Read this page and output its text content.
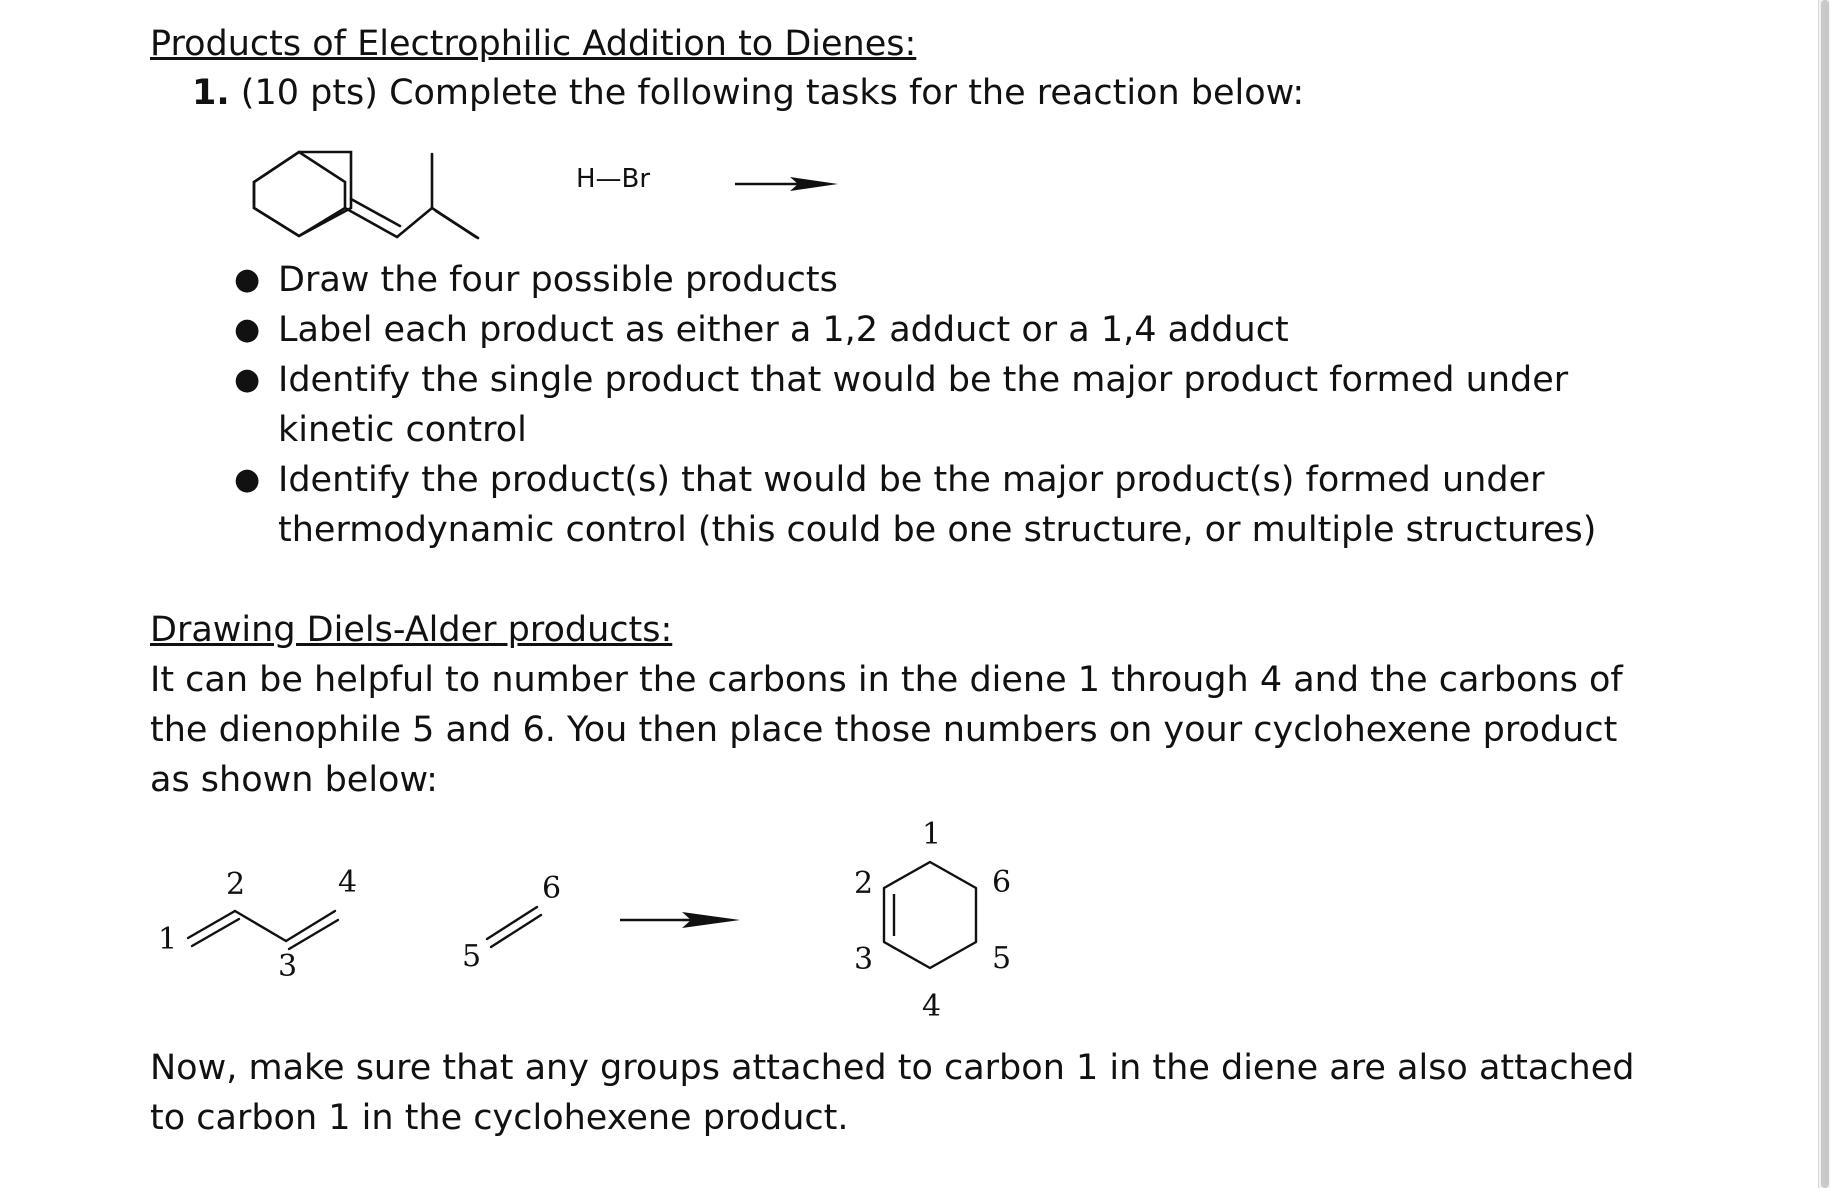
Products of Electrophilic Addition to Dienes:
1. (10 pts) Complete the following tasks for the reaction below:
H—Br
● Draw the four possible products
● Label each product as either a 1,2 adduct or a 1,4 adduct
● Identify the single product that would be the major product formed under kinetic control
● Identify the product(s) that would be the major product(s) formed under thermodynamic control (this could be one structure, or multiple structures)
Drawing Diels-Alder products:
It can be helpful to number the carbons in the diene 1 through 4 and the carbons of the dienophile 5 and 6. You then place those numbers on your cyclohexene product as shown below:
1
2
3
4
5
6
1
2
3
4
5
6
Now, make sure that any groups attached to carbon 1 in the diene are also attached to carbon 1 in the cyclohexene product.
